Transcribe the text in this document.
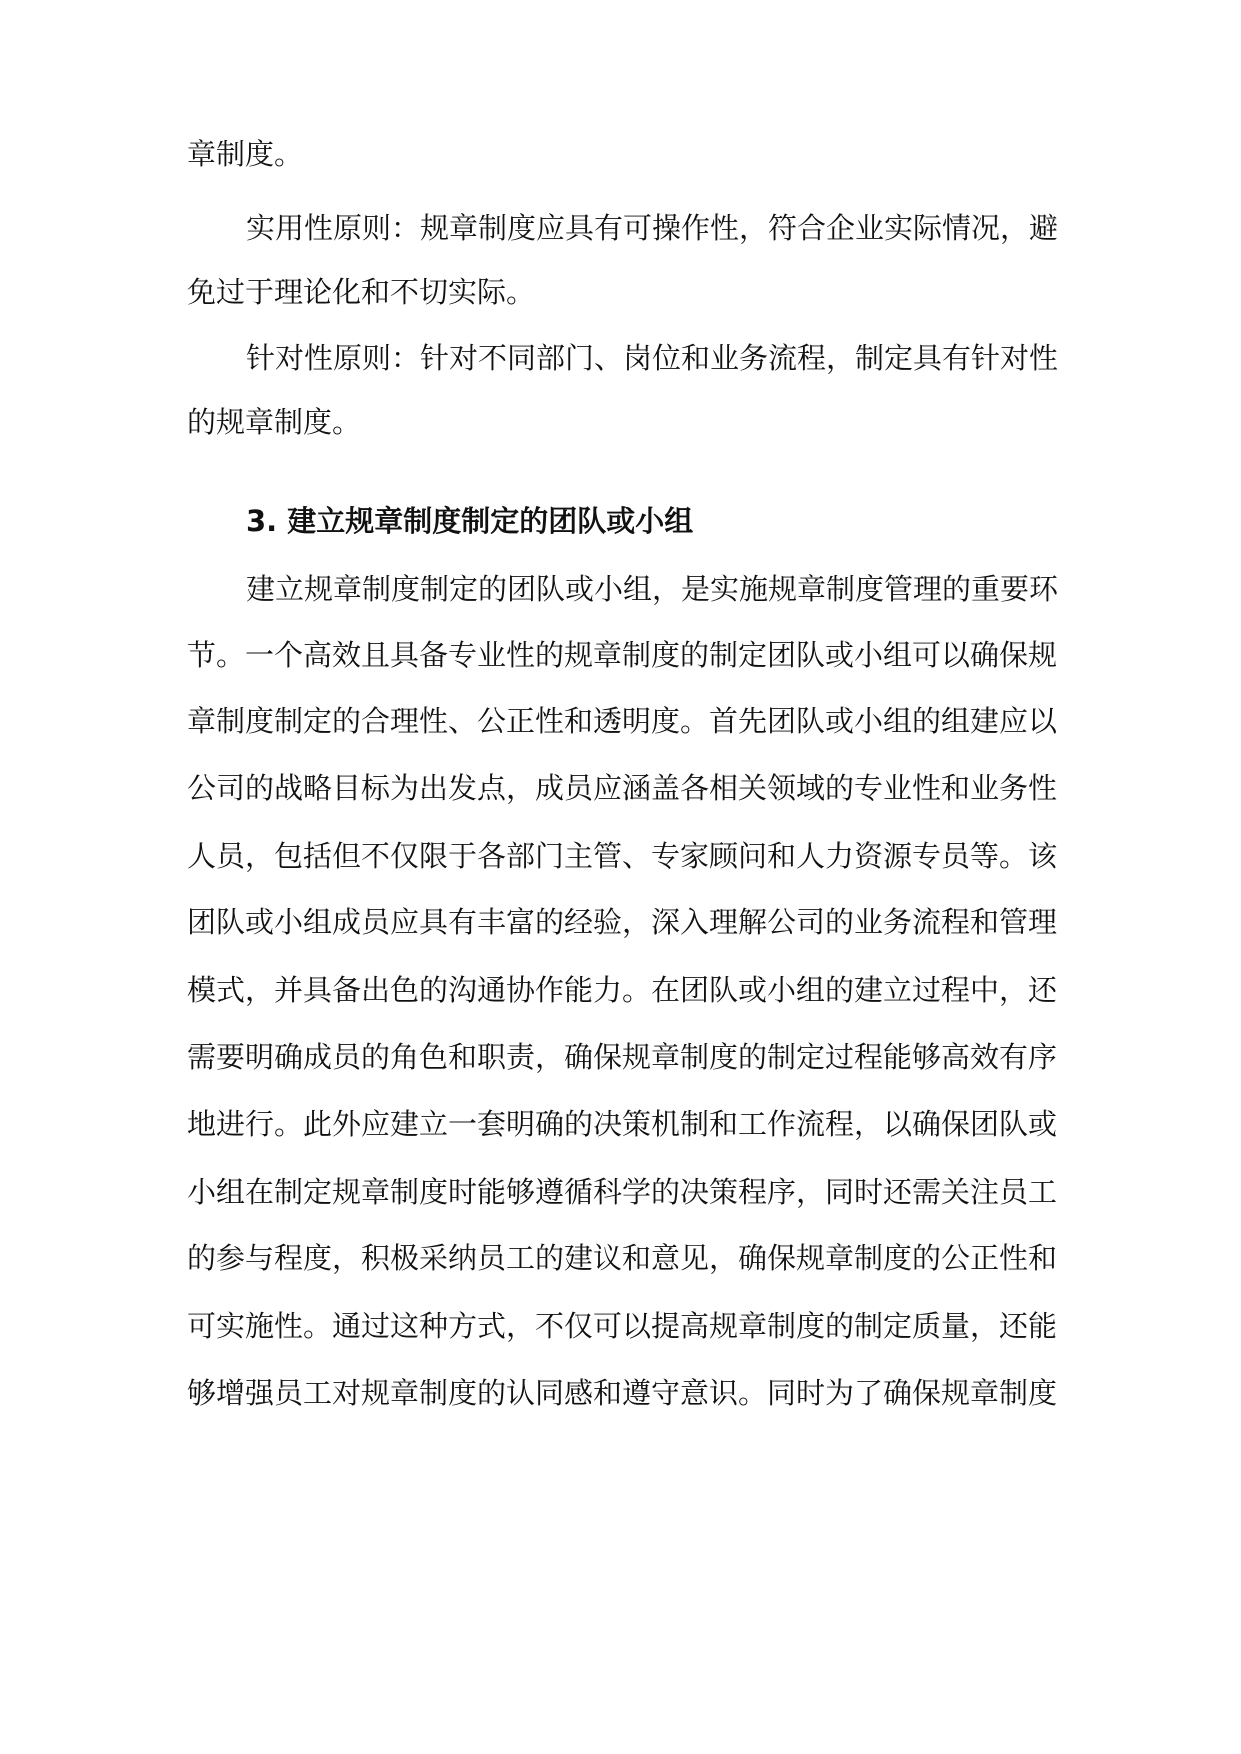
章制度。
实用性原则：规章制度应具有可操作性，符合企业实际情况，避
免过于理论化和不切实际。
针对性原则：针对不同部门、岗位和业务流程，制定具有针对性
的规章制度。
3. 建立规章制度制定的团队或小组
建立规章制度制定的团队或小组，是实施规章制度管理的重要环
节。一个高效且具备专业性的规章制度的制定团队或小组可以确保规
章制度制定的合理性、公正性和透明度。首先团队或小组的组建应以
公司的战略目标为出发点，成员应涵盖各相关领域的专业性和业务性
人员，包括但不仅限于各部门主管、专家顾问和人力资源专员等。该
团队或小组成员应具有丰富的经验，深入理解公司的业务流程和管理
模式，并具备出色的沟通协作能力。在团队或小组的建立过程中，还
需要明确成员的角色和职责，确保规章制度的制定过程能够高效有序
地进行。此外应建立一套明确的决策机制和工作流程，以确保团队或
小组在制定规章制度时能够遵循科学的决策程序，同时还需关注员工
的参与程度，积极采纳员工的建议和意见，确保规章制度的公正性和
可实施性。通过这种方式，不仅可以提高规章制度的制定质量，还能
够增强员工对规章制度的认同感和遵守意识。同时为了确保规章制度
